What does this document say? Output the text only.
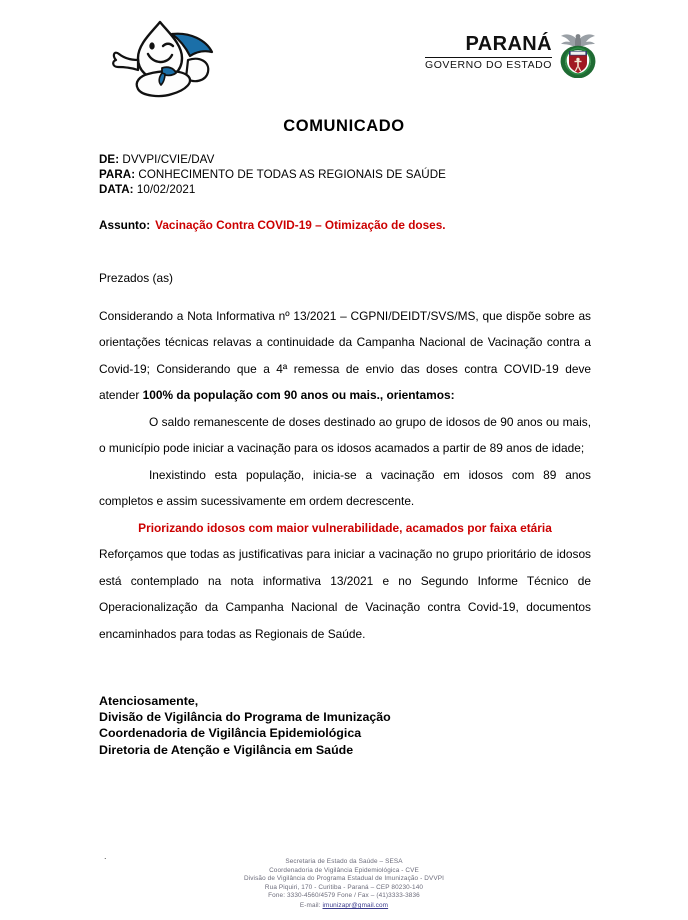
PARANÁ
GOVERNO DO ESTADO
COMUNICADO
DE: DVVPI/CVIE/DAV
PARA: CONHECIMENTO DE TODAS AS REGIONAIS DE SAÚDE
DATA: 10/02/2021
Assunto: Vacinação Contra COVID-19 – Otimização de doses.

Prezados (as)

Considerando a Nota Informativa nº 13/2021 – CGPNI/DEIDT/SVS/MS, que dispõe sobre as orientações técnicas relavas a continuidade da Campanha Nacional de Vacinação contra a Covid-19; Considerando que a 4ª remessa de envio das doses contra COVID-19 deve atender 100% da população com 90 anos ou mais., orientamos:

O saldo remanescente de doses destinado ao grupo de idosos de 90 anos ou mais, o município pode iniciar a vacinação para os idosos acamados a partir de 89 anos de idade;

Inexistindo esta população, inicia-se a vacinação em idosos com 89 anos completos e assim sucessivamente em ordem decrescente.

Priorizando idosos com maior vulnerabilidade, acamados por faixa etária

Reforçamos que todas as justificativas para iniciar a vacinação no grupo prioritário de idosos está contemplado na nota informativa 13/2021 e no Segundo Informe Técnico de Operacionalização da Campanha Nacional de Vacinação contra Covid-19, documentos encaminhados para todas as Regionais de Saúde.

Atenciosamente,
Divisão de Vigilância do Programa de Imunização
Coordenadoria de Vigilância Epidemiológica
Diretoria de Atenção e Vigilância em Saúde
.
Secretaria de Estado da Saúde – SESA
Coordenadoria de Vigilância Epidemiológica - CVE
Divisão de Vigilância do Programa Estadual de Imunização - DVVPI
Rua Piquiri, 170 - Curitiba - Paraná – CEP 80230-140
Fone: 3330-4560/4579 Fone / Fax – (41)3333-3836
E-mail: imunizapr@gmail.com
